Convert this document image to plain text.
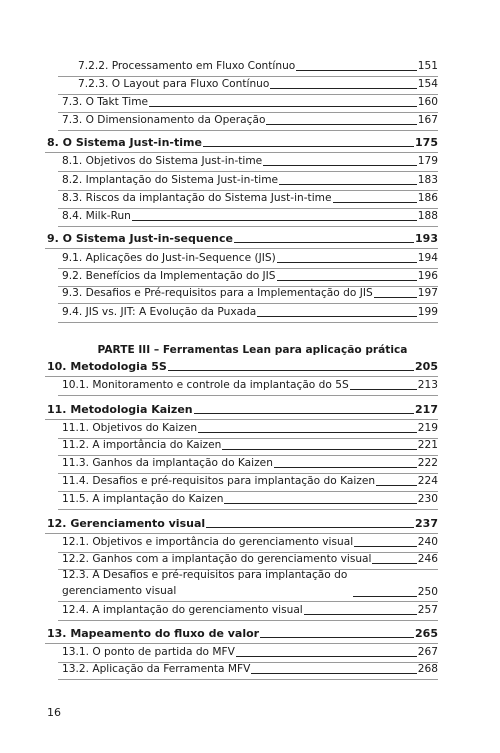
PARTE III – Ferramentas Lean para aplicação prática
16
7.2.2. Processamento em Fluxo Contínuo	151
7.2.3. O Layout para Fluxo Contínuo	154
7.3. O Takt Time	160
7.3. O Dimensionamento da Operação	167
8. O Sistema Just-in-time	175
8.1. Objetivos do Sistema Just-in-time	179
8.2. Implantação do Sistema Just-in-time	183
8.3. Riscos da implantação do Sistema Just-in-time	186
8.4. Milk-Run	188
9. O Sistema Just-in-sequence	193
9.1. Aplicações do Just-in-Sequence (JIS)	194
9.2. Benefícios da Implementação do JIS	196
9.3. Desafios e Pré-requisitos para a Implementação do JIS	197
9.4. JIS vs. JIT: A Evolução da Puxada	199
10. Metodologia 5S	205
10.1. Monitoramento e controle da implantação do 5S	213
11. Metodologia Kaizen	217
11.1. Objetivos do Kaizen	219
11.2. A importância do Kaizen	221
11.3. Ganhos da implantação do Kaizen	222
11.4. Desafios e pré-requisitos para implantação do Kaizen	224
11.5. A implantação do Kaizen	230
12. Gerenciamento visual	237
12.1. Objetivos e importância do gerenciamento visual	240
12.2. Ganhos com a implantação do gerenciamento visual	246
12.3. A Desafios e pré-requisitos para implantação do gerenciamento visual	250
12.4. A implantação do gerenciamento visual	257
13. Mapeamento do fluxo de valor	265
13.1. O ponto de partida do MFV	267
13.2. Aplicação da Ferramenta MFV	268
